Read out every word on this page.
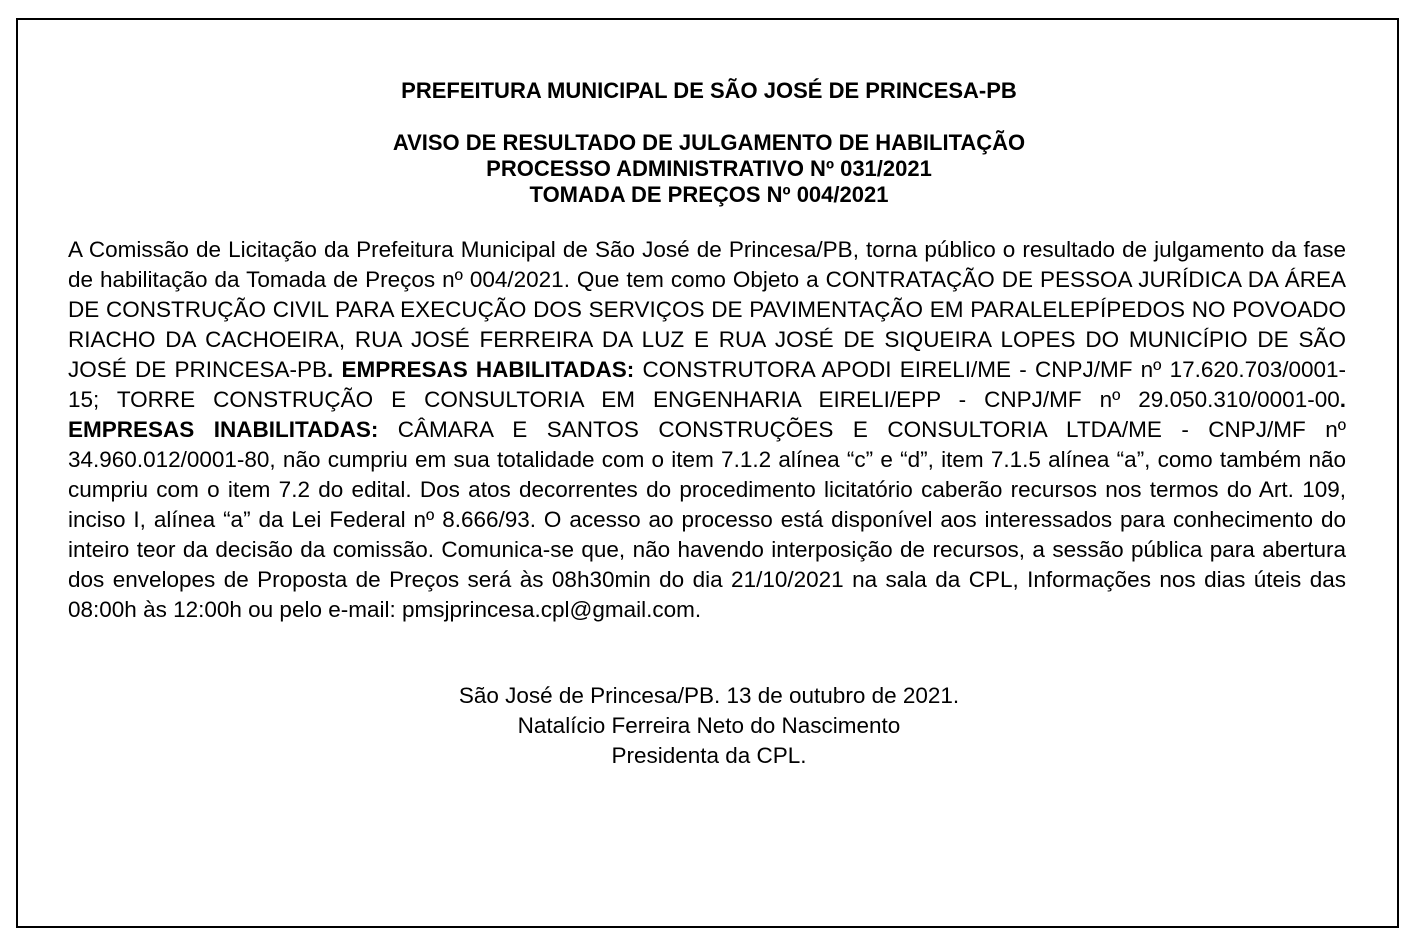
PREFEITURA MUNICIPAL DE SÃO JOSÉ DE PRINCESA-PB
AVISO DE RESULTADO DE JULGAMENTO DE HABILITAÇÃO
PROCESSO ADMINISTRATIVO Nº 031/2021
TOMADA DE PREÇOS Nº 004/2021

A Comissão de Licitação da Prefeitura Municipal de São José de Princesa/PB, torna público o resultado de julgamento da fase de habilitação da Tomada de Preços nº 004/2021. Que tem como Objeto a CONTRATAÇÃO DE PESSOA JURÍDICA DA ÁREA DE CONSTRUÇÃO CIVIL PARA EXECUÇÃO DOS SERVIÇOS DE PAVIMENTAÇÃO EM PARALELEPÍPEDOS NO POVOADO RIACHO DA CACHOEIRA, RUA JOSÉ FERREIRA DA LUZ E RUA JOSÉ DE SIQUEIRA LOPES DO MUNICÍPIO DE SÃO JOSÉ DE PRINCESA-PB. EMPRESAS HABILITADAS: CONSTRUTORA APODI EIRELI/ME - CNPJ/MF nº 17.620.703/0001-15; TORRE CONSTRUÇÃO E CONSULTORIA EM ENGENHARIA EIRELI/EPP - CNPJ/MF nº 29.050.310/0001-00. EMPRESAS INABILITADAS: CÂMARA E SANTOS CONSTRUÇÕES E CONSULTORIA LTDA/ME - CNPJ/MF nº 34.960.012/0001-80, não cumpriu em sua totalidade com o item 7.1.2 alínea “c” e “d”, item 7.1.5 alínea “a”, como também não cumpriu com o item 7.2 do edital. Dos atos decorrentes do procedimento licitatório caberão recursos nos termos do Art. 109, inciso I, alínea “a” da Lei Federal nº 8.666/93. O acesso ao processo está disponível aos interessados para conhecimento do inteiro teor da decisão da comissão. Comunica-se que, não havendo interposição de recursos, a sessão pública para abertura dos envelopes de Proposta de Preços será às 08h30min do dia 21/10/2021 na sala da CPL, Informações nos dias úteis das 08:00h às 12:00h ou pelo e-mail: pmsjprincesa.cpl@gmail.com.

São José de Princesa/PB. 13 de outubro de 2021.
Natalício Ferreira Neto do Nascimento
Presidenta da CPL.
